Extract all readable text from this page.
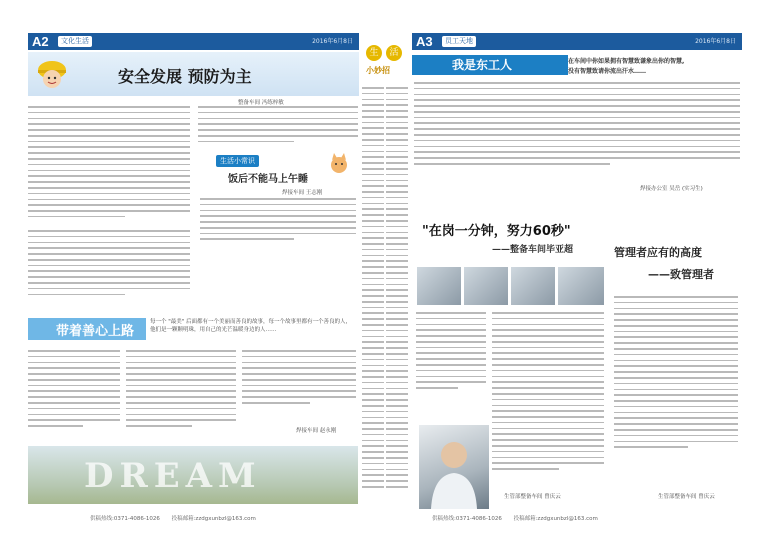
A2	文化生活	2016年6月8日
安全发展 预防为主
整备车间 冯练梓敏
生活小常识
饭后不能马上午睡
焊接车间 王志刚
带着善心上路
每一个 "最美" 后面都有一个美丽而善良的故事，每一个故事里都有一个善良的人，他们是一颗颗明珠，用自己的光芒温暖身边的人……
焊接车间 赵永刚
DREAM
供稿热线:0371-4086-1026 投稿邮箱:zzdgxunbzl@163.com
生	活
小妙招
A3	员工天地	2016年6月8日
我是东工人	在车间中你如果拥有智慧致谦象出你的智慧,
没有智慧致请你流出汗水……
焊接办公室 吴岳 (实习生)
"在岗一分钟，努力60秒"
——整备车间毕亚超
生管部整备车间 曾庆云
管理者应有的高度
——致管理者
生管部整备车间 曾庆云
供稿热线:0371-4086-1026 投稿邮箱:zzdgxunbzl@163.com
